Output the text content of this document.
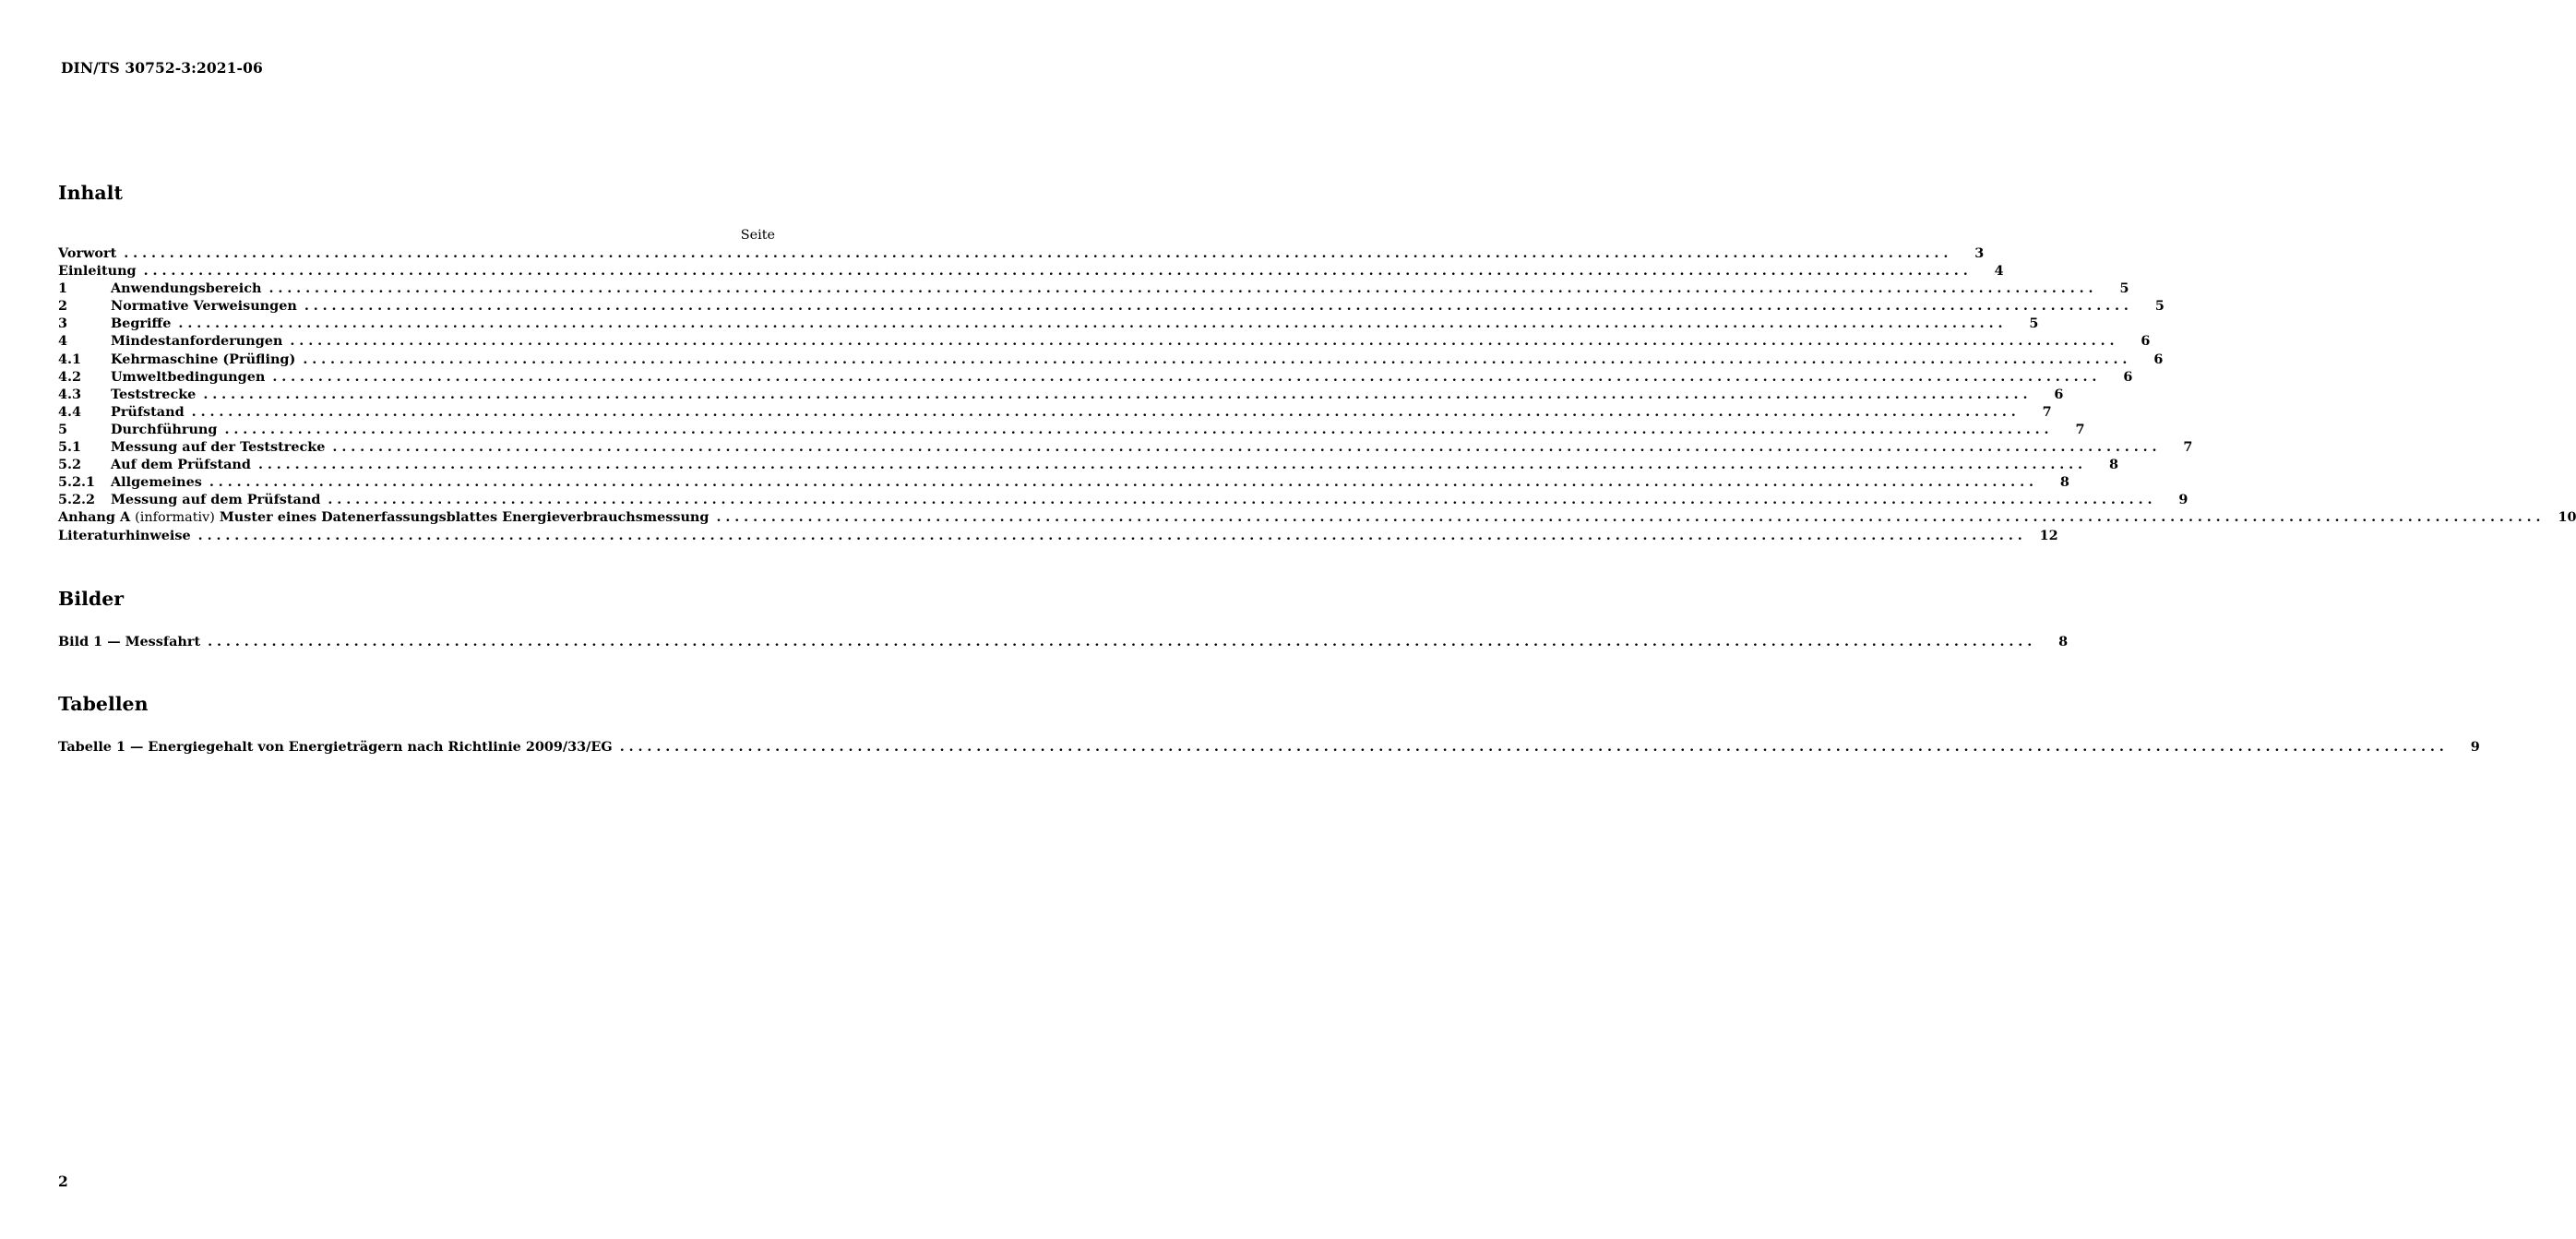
DIN/TS 30752-3:2021-06
Inhalt
Seite
Vorwort ........................................................................................................................................................................................................	3
Einleitung ........................................................................................................................................................................................................	4
1	Anwendungsbereich ........................................................................................................................................................................................................	5
2	Normative Verweisungen ........................................................................................................................................................................................................	5
3	Begriffe ........................................................................................................................................................................................................	5
4	Mindestanforderungen ........................................................................................................................................................................................................	6
4.1	Kehrmaschine (Prüfling) ........................................................................................................................................................................................................	6
4.2	Umweltbedingungen ........................................................................................................................................................................................................	6
4.3	Teststrecke ........................................................................................................................................................................................................	6
4.4	Prüfstand ........................................................................................................................................................................................................	7
5	Durchführung ........................................................................................................................................................................................................	7
5.1	Messung auf der Teststrecke ........................................................................................................................................................................................................	7
5.2	Auf dem Prüfstand ........................................................................................................................................................................................................	8
5.2.1	Allgemeines ........................................................................................................................................................................................................	8
5.2.2	Messung auf dem Prüfstand ........................................................................................................................................................................................................	9
Anhang A (informativ) Muster eines Datenerfassungsblattes Energieverbrauchsmessung ........................................................................................................................................................................................................ 10
Literaturhinweise ........................................................................................................................................................................................................ 12
Bilder
Bild 1 — Messfahrt ........................................................................................................................................................................................................	8
Tabellen
Tabelle 1 — Energiegehalt von Energieträgern nach Richtlinie 2009/33/EG ........................................................................................................................................................................................................	9
2
